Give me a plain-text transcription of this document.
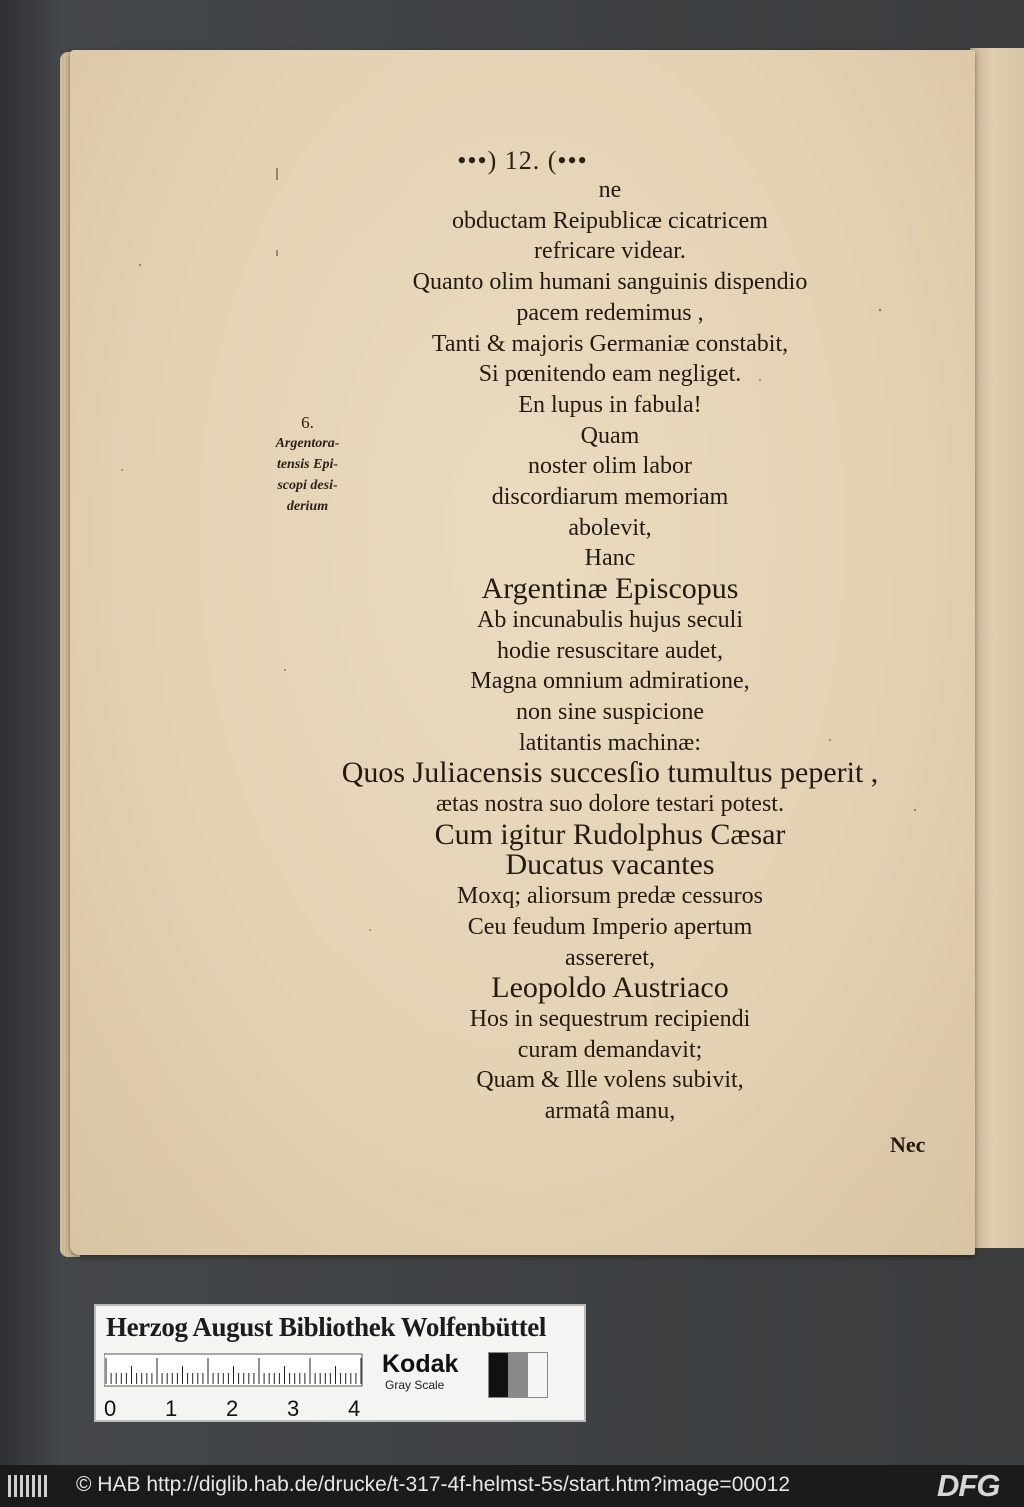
•••) 12. (•••
ne
obductam Reipublicæ cicatricem
refricare videar.
Quanto olim humani sanguinis dispendio
pacem redemimus ,
Tanti & majoris Germaniæ constabit,
Si pœnitendo eam negliget.
En lupus in fabula!
Quam
noster olim labor
discordiarum memoriam
abolevit,
Hanc
Argentinæ Episcopus
Ab incunabulis hujus seculi
hodie resuscitare audet,
Magna omnium admiratione,
non sine suspicione
latitantis machinæ:
Quos Juliacensis succesſio tumultus peperit ,
ætas nostra suo dolore testari potest.
Cum igitur Rudolphus Cæsar
Ducatus vacantes
Moxq; aliorsum predæ cessuros
Ceu feudum Imperio apertum
assereret,
Leopoldo Austriaco
Hos in sequestrum recipiendi
curam demandavit;
Quam & Ille volens subivit,
armatâ manu,
6.
Argentora-
tensis Epi-
scopi desi-
derium
Nec
Herzog August Bibliothek Wolfenbüttel
0 1 2 3 4
Kodak
Gray Scale
© HAB http://diglib.hab.de/drucke/t-317-4f-helmst-5s/start.htm?image=00012	DFG
